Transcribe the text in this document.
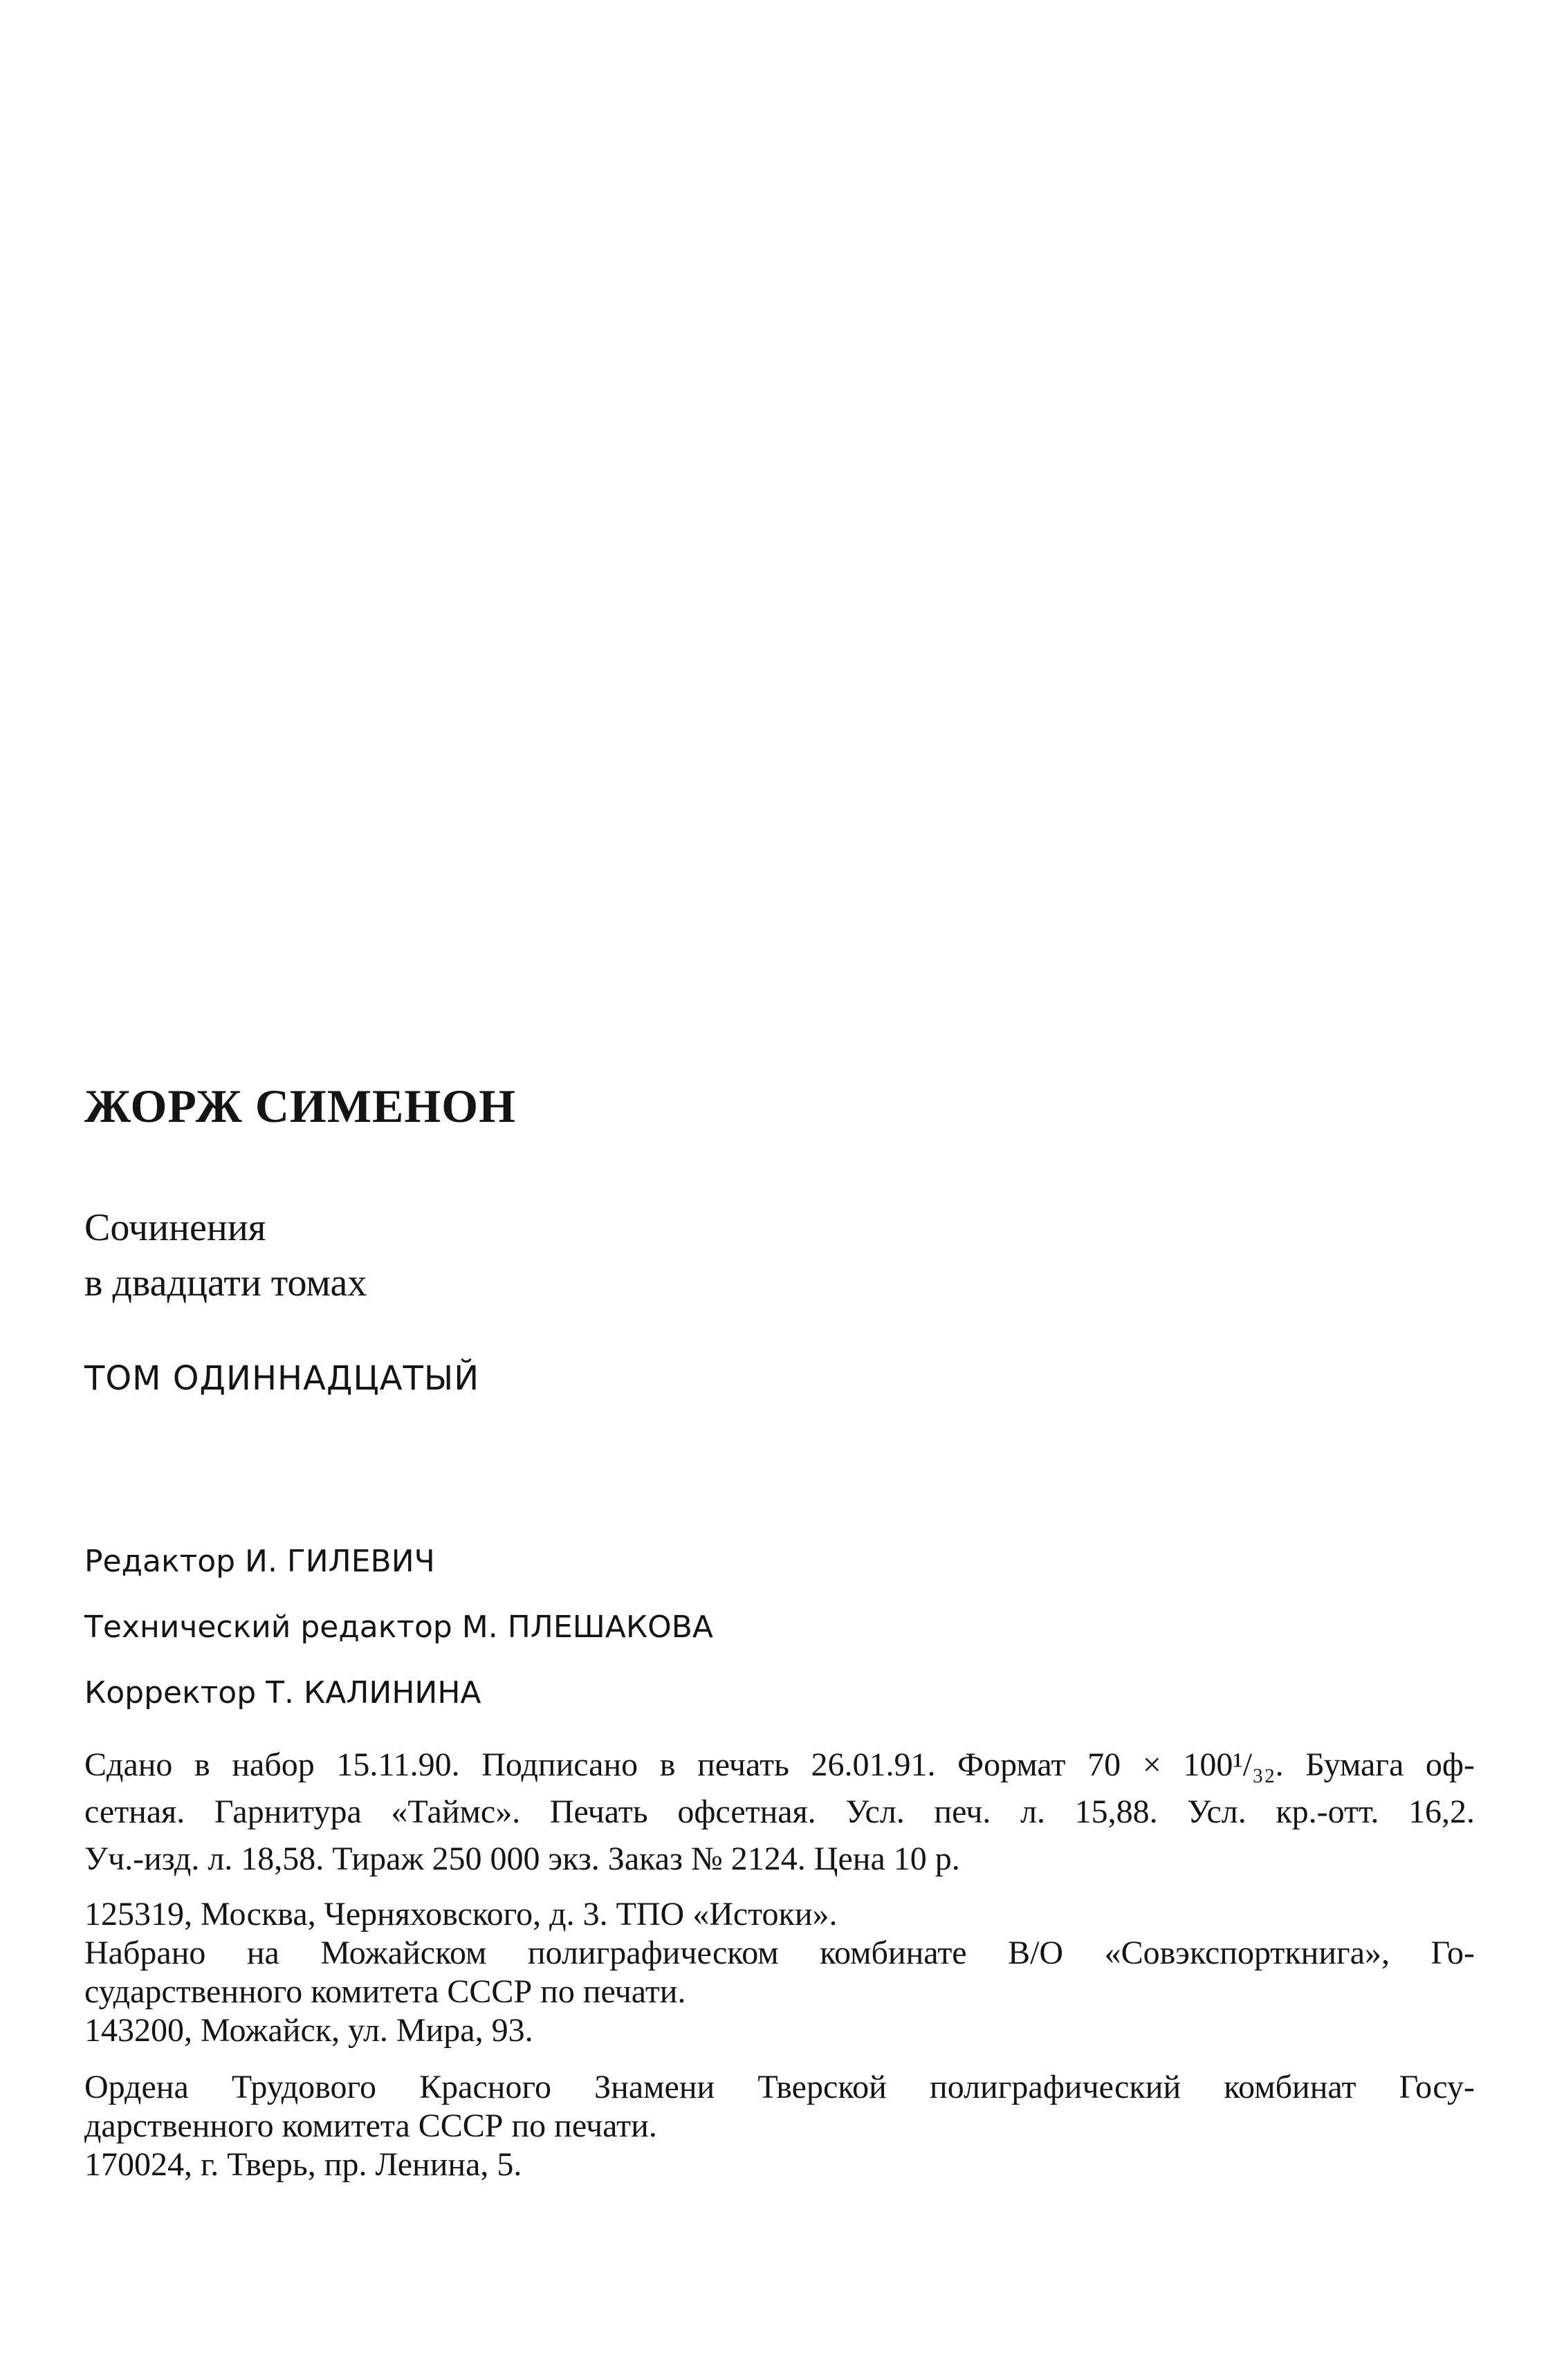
ЖОРЖ СИМЕНОН
Сочинения
в двадцати томах
ТОМ ОДИННАДЦАТЫЙ
Редактор И. ГИЛЕВИЧ
Технический редактор М. ПЛЕШАКОВА
Корректор Т. КАЛИНИНА
Сдано в набор 15.11.90. Подписано в печать 26.01.91. Формат 70 × 100¹/₃₂. Бумага оф-
сетная. Гарнитура «Таймс». Печать офсетная. Усл. печ. л. 15,88. Усл. кр.-отт. 16,2.
Уч.-изд. л. 18,58. Тираж 250 000 экз. Заказ № 2124. Цена 10 р.
125319, Москва, Черняховского, д. 3. ТПО «Истоки».
Набрано на Можайском полиграфическом комбинате В/О «Совэкспорткнига», Го-
сударственного комитета СССР по печати.
143200, Можайск, ул. Мира, 93.
Ордена Трудового Красного Знамени Тверской полиграфический комбинат Госу-
дарственного комитета СССР по печати.
170024, г. Тверь, пр. Ленина, 5.
